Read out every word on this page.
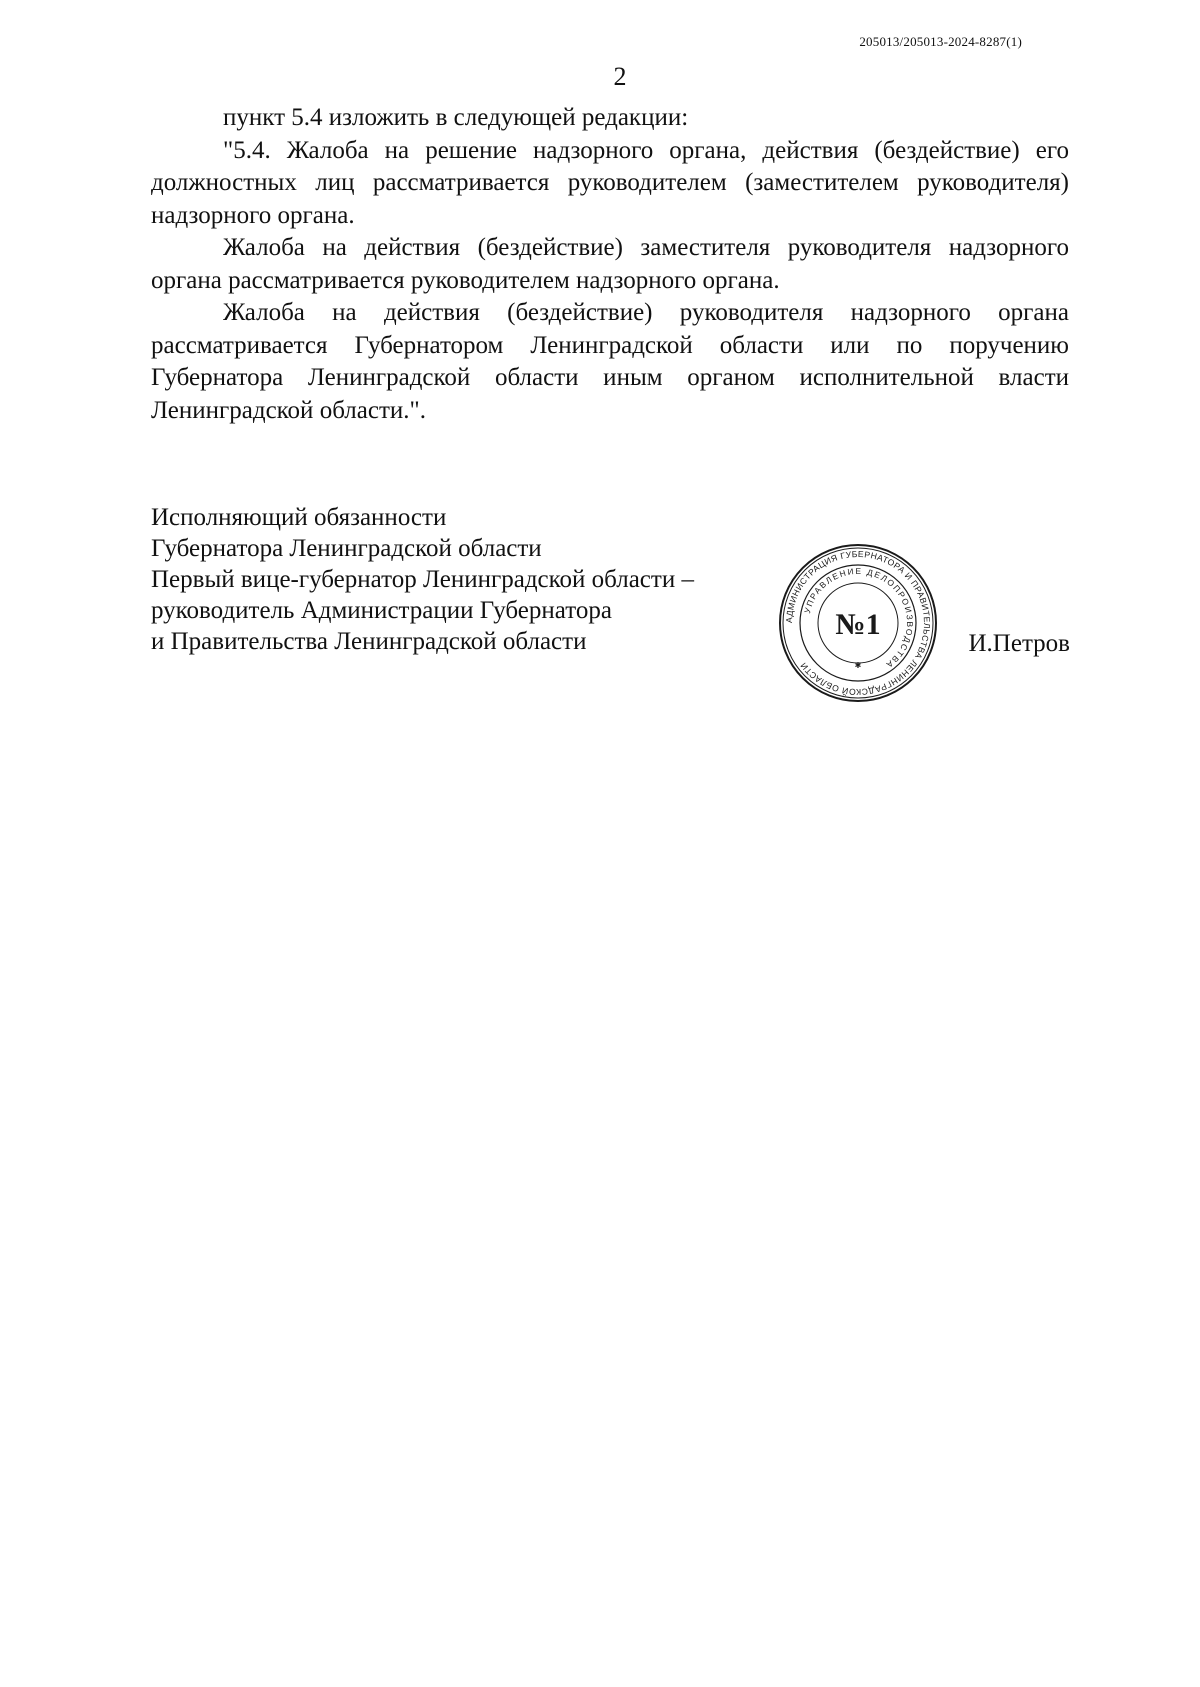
205013/205013-2024-8287(1)
2

пункт 5.4 изложить в следующей редакции:

"5.4. Жалоба на решение надзорного органа, действия (бездействие) его должностных лиц рассматривается руководителем (заместителем руководителя) надзорного органа.

Жалоба на действия (бездействие) заместителя руководителя надзорного органа рассматривается руководителем надзорного органа.

Жалоба на действия (бездействие) руководителя надзорного органа рассматривается Губернатором Ленинградской области или по поручению Губернатора Ленинградской области иным органом исполнительной власти Ленинградской области.".

Исполняющий обязанности
Губернатора Ленинградской области
Первый вице-губернатор Ленинградской области –
руководитель Администрации Губернатора
и Правительства Ленинградской области
АДМИНИСТРАЦИЯ ГУБЕРНАТОРА И ПРАВИТЕЛЬСТВА ЛЕНИНГРАДСКОЙ ОБЛАСТИ
УПРАВЛЕНИЕ ДЕЛОПРОИЗВОДСТВА
№1
✱
И.Петров
